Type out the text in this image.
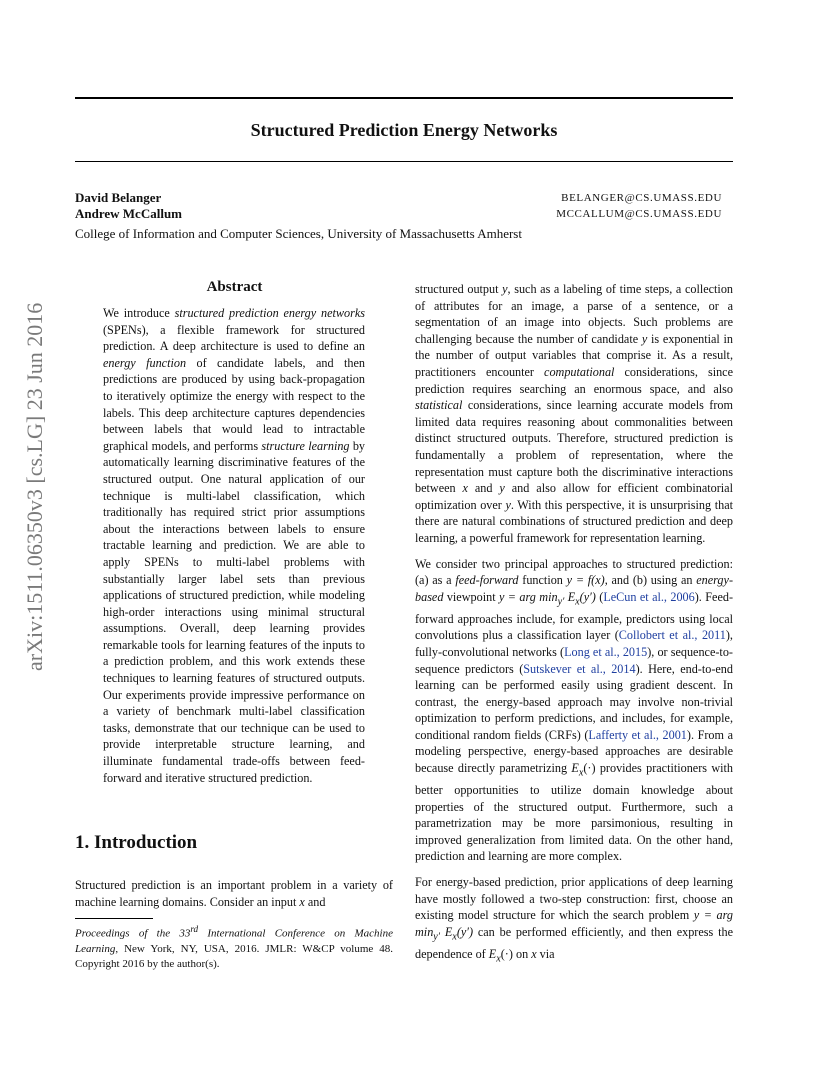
Structured Prediction Energy Networks
David Belanger	BELANGER@CS.UMASS.EDU
Andrew McCallum	MCCALLUM@CS.UMASS.EDU
College of Information and Computer Sciences, University of Massachusetts Amherst
arXiv:1511.06350v3 [cs.LG] 23 Jun 2016
Abstract
We introduce structured prediction energy networks (SPENs), a flexible framework for structured prediction. A deep architecture is used to define an energy function of candidate labels, and then predictions are produced by using back-propagation to iteratively optimize the energy with respect to the labels. This deep architecture captures dependencies between labels that would lead to intractable graphical models, and performs structure learning by automatically learning discriminative features of the structured output. One natural application of our technique is multi-label classification, which traditionally has required strict prior assumptions about the interactions between labels to ensure tractable learning and prediction. We are able to apply SPENs to multi-label problems with substantially larger label sets than previous applications of structured prediction, while modeling high-order interactions using minimal structural assumptions. Overall, deep learning provides remarkable tools for learning features of the inputs to a prediction problem, and this work extends these techniques to learning features of structured outputs. Our experiments provide impressive performance on a variety of benchmark multi-label classification tasks, demonstrate that our technique can be used to provide interpretable structure learning, and illuminate fundamental trade-offs between feed-forward and iterative structured prediction.
1. Introduction
Structured prediction is an important problem in a variety of machine learning domains. Consider an input x and
Proceedings of the 33rd International Conference on Machine Learning, New York, NY, USA, 2016. JMLR: W&CP volume 48. Copyright 2016 by the author(s).

structured output y, such as a labeling of time steps, a collection of attributes for an image, a parse of a sentence, or a segmentation of an image into objects. Such problems are challenging because the number of candidate y is exponential in the number of output variables that comprise it. As a result, practitioners encounter computational considerations, since prediction requires searching an enormous space, and also statistical considerations, since learning accurate models from limited data requires reasoning about commonalities between distinct structured outputs. Therefore, structured prediction is fundamentally a problem of representation, where the representation must capture both the discriminative interactions between x and y and also allow for efficient combinatorial optimization over y. With this perspective, it is unsurprising that there are natural combinations of structured prediction and deep learning, a powerful framework for representation learning.

We consider two principal approaches to structured prediction: (a) as a feed-forward function y = f(x), and (b) using an energy-based viewpoint y = arg $\min_{y'} E_x(y')$ (LeCun et al., 2006). Feed-forward approaches include, for example, predictors using local convolutions plus a classification layer (Collobert et al., 2011), fully-convolutional networks (Long et al., 2015), or sequence-to-sequence predictors (Sutskever et al., 2014). Here, end-to-end learning can be performed easily using gradient descent. In contrast, the energy-based approach may involve non-trivial optimization to perform predictions, and includes, for example, conditional random fields (CRFs) (Lafferty et al., 2001). From a modeling perspective, energy-based approaches are desirable because directly parametrizing $E_x(\cdot)$ provides practitioners with better opportunities to utilize domain knowledge about properties of the structured output. Furthermore, such a parametrization may be more parsimonious, resulting in improved generalization from limited data. On the other hand, prediction and learning are more complex.

For energy-based prediction, prior applications of deep learning have mostly followed a two-step construction: first, choose an existing model structure for which the search problem y = arg $\min_{y'} E_x(y')$ can be performed efficiently, and then express the dependence of $E_x(\cdot)$ on x via
